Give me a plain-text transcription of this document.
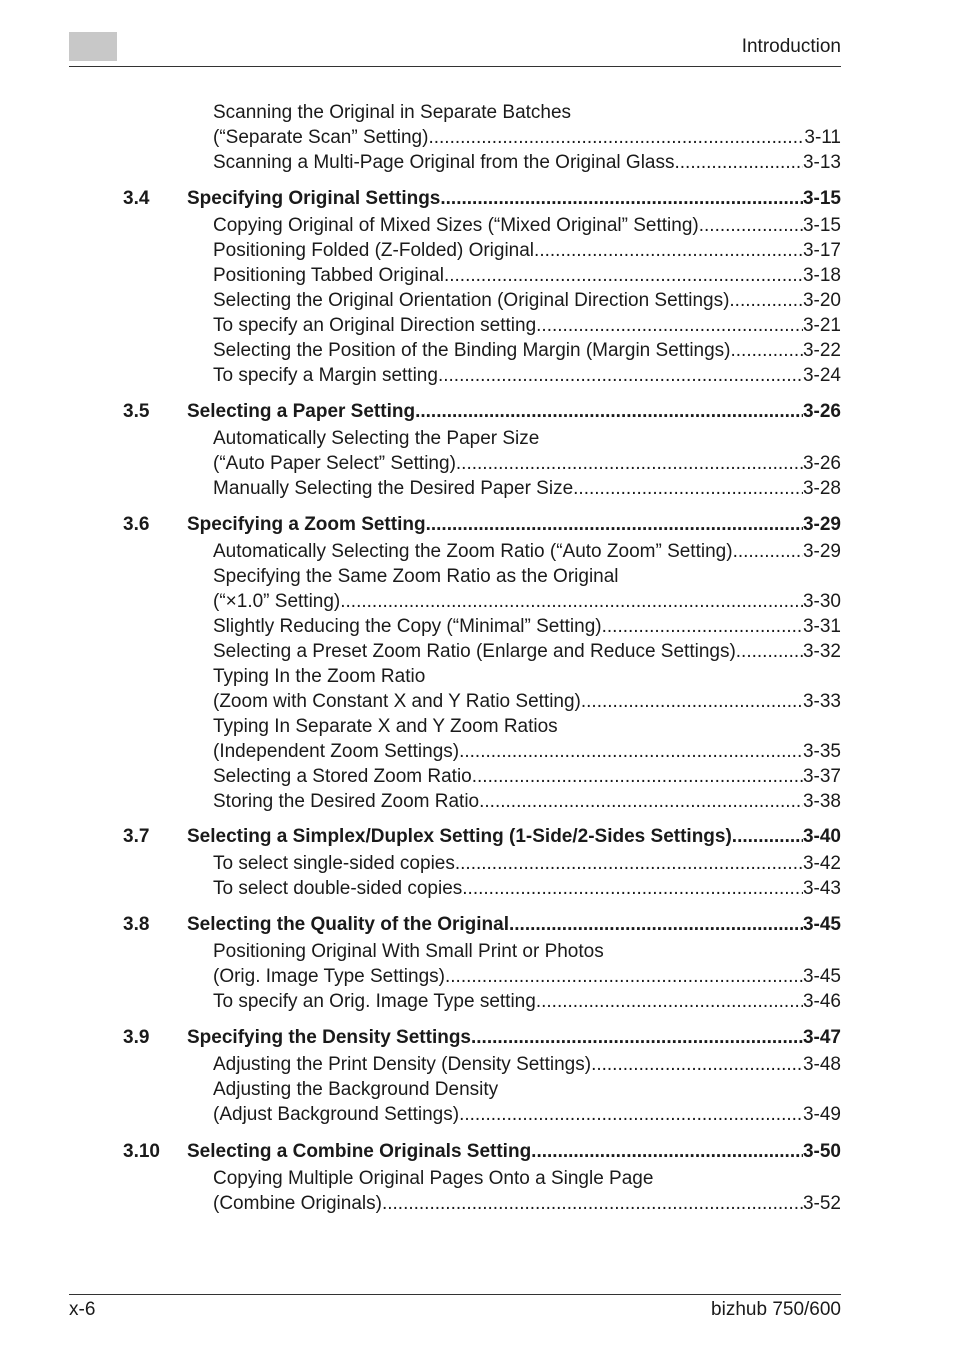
Introduction
Scanning the Original in Separate Batches
(“Separate Scan” Setting) .....	3-11
Scanning a Multi-Page Original from the Original Glass .....	3-13
3.4 Specifying Original Settings .....	3-15
Copying Original of Mixed Sizes (“Mixed Original” Setting) .....	3-15
Positioning Folded (Z-Folded) Original .....	3-17
Positioning Tabbed Original .....	3-18
Selecting the Original Orientation (Original Direction Settings) .....	3-20
To specify an Original Direction setting .....	3-21
Selecting the Position of the Binding Margin (Margin Settings) .....	3-22
To specify a Margin setting .....	3-24
3.5 Selecting a Paper Setting .....	3-26
Automatically Selecting the Paper Size
(“Auto Paper Select” Setting) .....	3-26
Manually Selecting the Desired Paper Size .....	3-28
3.6 Specifying a Zoom Setting .....	3-29
Automatically Selecting the Zoom Ratio (“Auto Zoom” Setting) .....	3-29
Specifying the Same Zoom Ratio as the Original
(“×1.0” Setting) .....	3-30
Slightly Reducing the Copy (“Minimal” Setting) .....	3-31
Selecting a Preset Zoom Ratio (Enlarge and Reduce Settings) .....	3-32
Typing In the Zoom Ratio
(Zoom with Constant X and Y Ratio Setting) .....	3-33
Typing In Separate X and Y Zoom Ratios
(Independent Zoom Settings) .....	3-35
Selecting a Stored Zoom Ratio .....	3-37
Storing the Desired Zoom Ratio .....	3-38
3.7 Selecting a Simplex/Duplex Setting (1-Side/2-Sides Settings) .....	3-40
To select single-sided copies .....	3-42
To select double-sided copies .....	3-43
3.8 Selecting the Quality of the Original .....	3-45
Positioning Original With Small Print or Photos
(Orig. Image Type Settings) .....	3-45
To specify an Orig. Image Type setting .....	3-46
3.9 Specifying the Density Settings .....	3-47
Adjusting the Print Density (Density Settings) .....	3-48
Adjusting the Background Density
(Adjust Background Settings) .....	3-49
3.10 Selecting a Combine Originals Setting .....	3-50
Copying Multiple Original Pages Onto a Single Page
(Combine Originals) .....	3-52
x-6	bizhub 750/600
